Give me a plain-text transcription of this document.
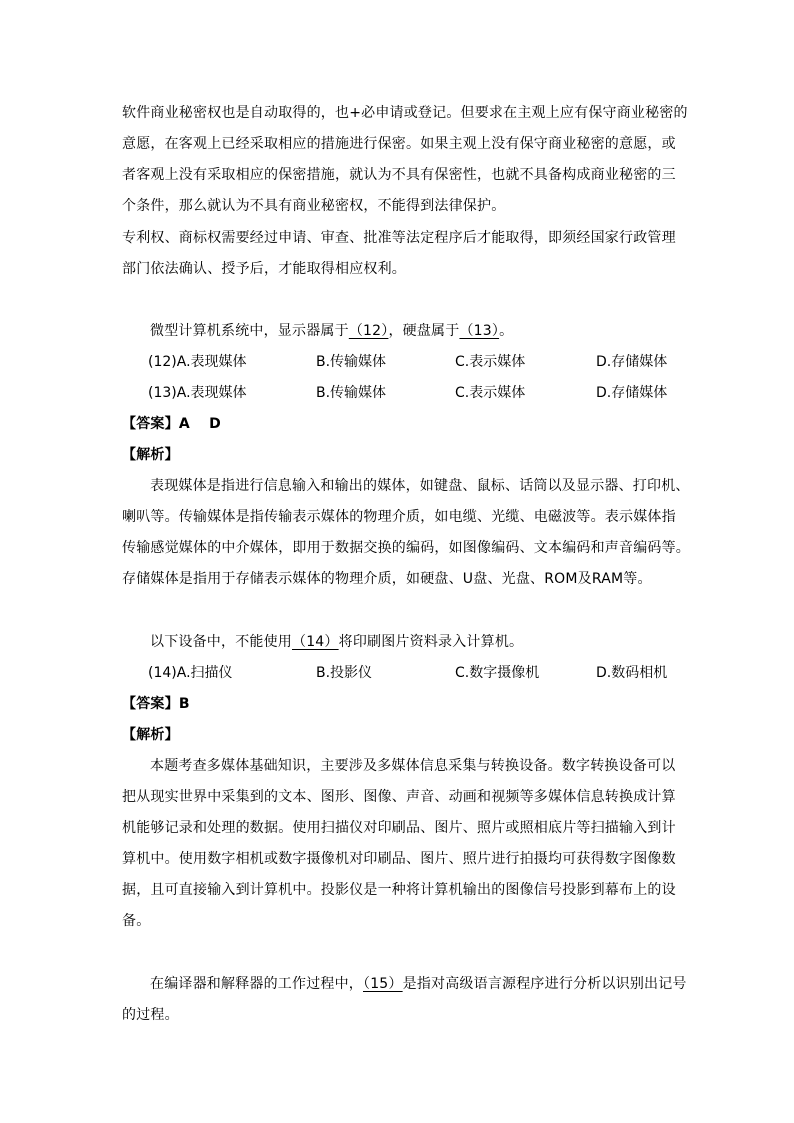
软件商业秘密权也是自动取得的，也+必申请或登记。但要求在主观上应有保守商业秘密的
意愿，在客观上已经采取相应的措施进行保密。如果主观上没有保守商业秘密的意愿，或
者客观上没有采取相应的保密措施，就认为不具有保密性，也就不具备构成商业秘密的三
个条件，那么就认为不具有商业秘密权，不能得到法律保护。
专利权、商标权需要经过申请、审查、批准等法定程序后才能取得，即须经国家行政管理
部门依法确认、授予后，才能取得相应权利。
微型计算机系统中，显示器属于（12），硬盘属于（13）。
(12)A.表现媒体	B.传输媒体	C.表示媒体	D.存储媒体
(13)A.表现媒体	B.传输媒体	C.表示媒体	D.存储媒体
【答案】A　 D
【解析】
表现媒体是指进行信息输入和输出的媒体，如键盘、鼠标、话筒以及显示器、打印机、
喇叭等。传输媒体是指传输表示媒体的物理介质，如电缆、光缆、电磁波等。表示媒体指
传输感觉媒体的中介媒体，即用于数据交换的编码，如图像编码、文本编码和声音编码等。
存储媒体是指用于存储表示媒体的物理介质，如硬盘、U盘、光盘、ROM及RAM等。
以下设备中，不能使用（14）将印刷图片资料录入计算机。
(14)A.扫描仪	B.投影仪	C.数字摄像机	D.数码相机
【答案】B
【解析】
本题考查多媒体基础知识，主要涉及多媒体信息采集与转换设备。数字转换设备可以
把从现实世界中采集到的文本、图形、图像、声音、动画和视频等多媒体信息转换成计算
机能够记录和处理的数据。使用扫描仪对印刷品、图片、照片或照相底片等扫描输入到计
算机中。使用数字相机或数字摄像机对印刷品、图片、照片进行拍摄均可获得数字图像数
据，且可直接输入到计算机中。投影仪是一种将计算机输出的图像信号投影到幕布上的设
备。
在编译器和解释器的工作过程中，（15）是指对高级语言源程序进行分析以识别出记号
的过程。
